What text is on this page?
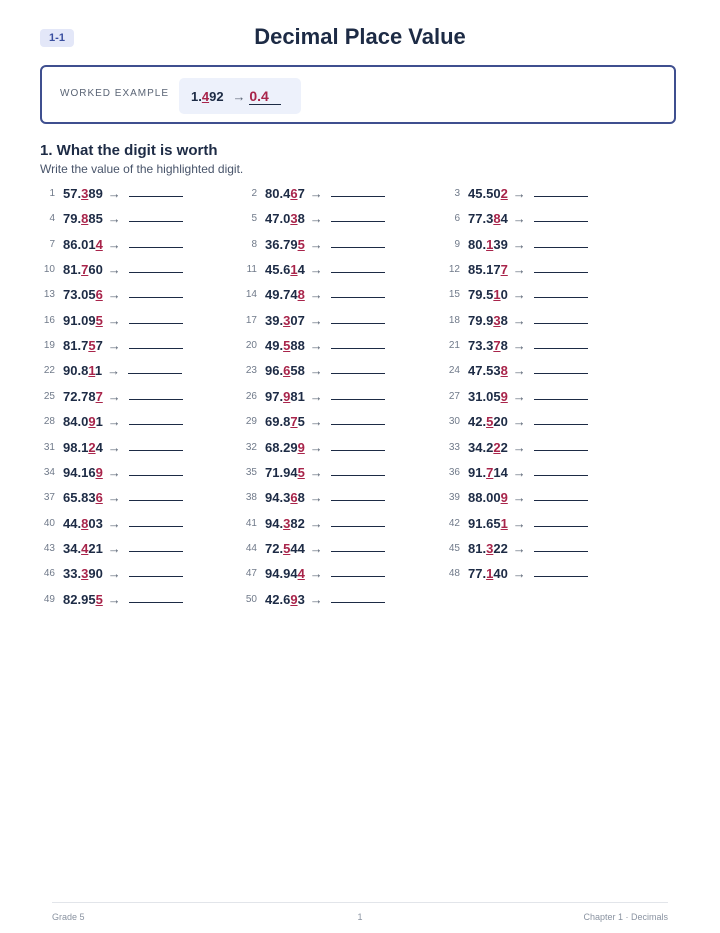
1-1	Decimal Place Value
WORKED EXAMPLE	1.492 → 0.4
1. What the digit is worth
Write the value of the highlighted digit.
1 57.389 →	2 80.467 →	3 45.502 →
4 79.885 →	5 47.038 →	6 77.384 →
7 86.014 →	8 36.795 →	9 80.139 →
10 81.760 →	11 45.614 →	12 85.177 →
13 73.056 →	14 49.748 →	15 79.510 →
16 91.095 →	17 39.307 →	18 79.938 →
19 81.757 →	20 49.588 →	21 73.378 →
22 90.811 →	23 96.658 →	24 47.538 →
25 72.787 →	26 97.981 →	27 31.059 →
28 84.091 →	29 69.875 →	30 42.520 →
31 98.124 →	32 68.299 →	33 34.222 →
34 94.169 →	35 71.945 →	36 91.714 →
37 65.836 →	38 94.368 →	39 88.009 →
40 44.803 →	41 94.382 →	42 91.651 →
43 34.421 →	44 72.544 →	45 81.322 →
46 33.390 →	47 94.944 →	48 77.140 →
49 82.955 →	50 42.693 →
Grade 5	1	Chapter 1 · Decimals
